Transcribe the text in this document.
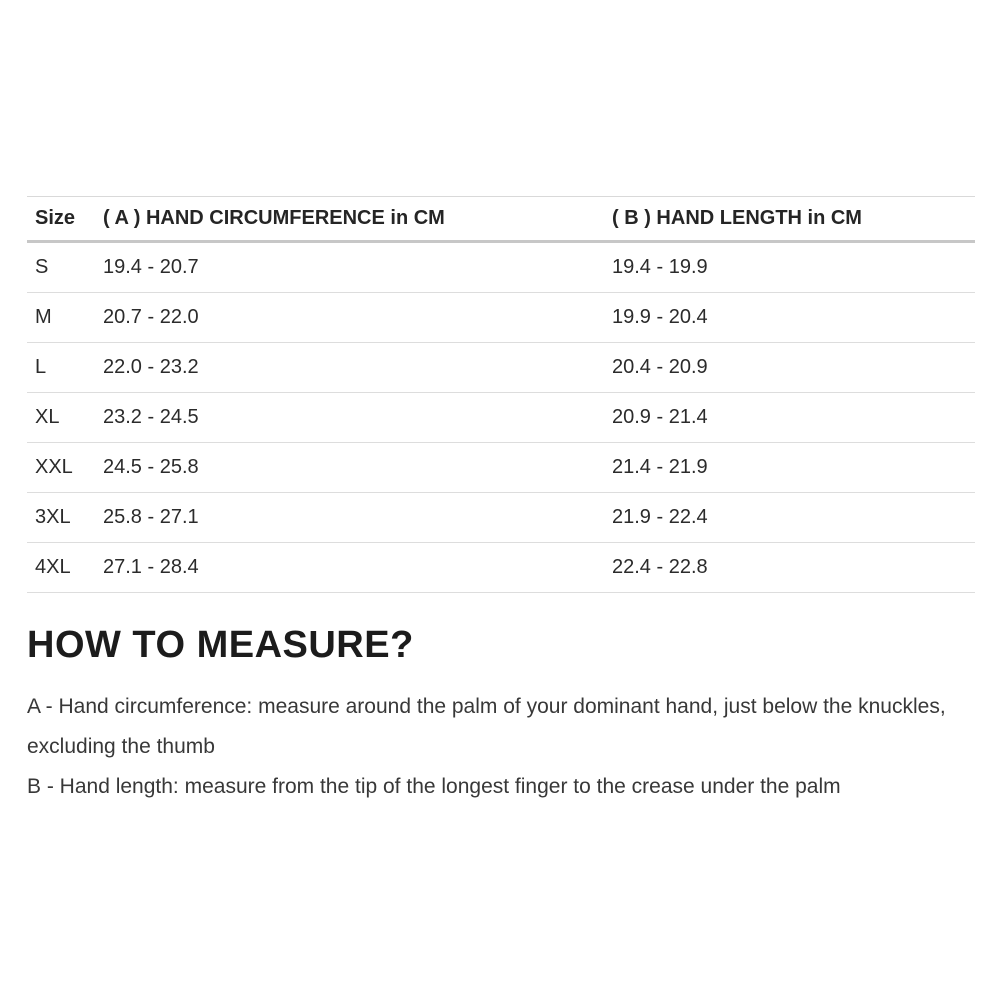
Size	( A ) HAND CIRCUMFERENCE in CM	( B ) HAND LENGTH in CM
S	19.4 - 20.7	19.4 - 19.9
M	20.7 - 22.0	19.9 - 20.4
L	22.0 - 23.2	20.4 - 20.9
XL	23.2 - 24.5	20.9 - 21.4
XXL	24.5 - 25.8	21.4 - 21.9
3XL	25.8 - 27.1	21.9 - 22.4
4XL	27.1 - 28.4	22.4 - 22.8
HOW TO MEASURE?

A - Hand circumference: measure around the palm of your dominant hand, just below the knuckles, excluding the thumb

B - Hand length: measure from the tip of the longest finger to the crease under the palm
